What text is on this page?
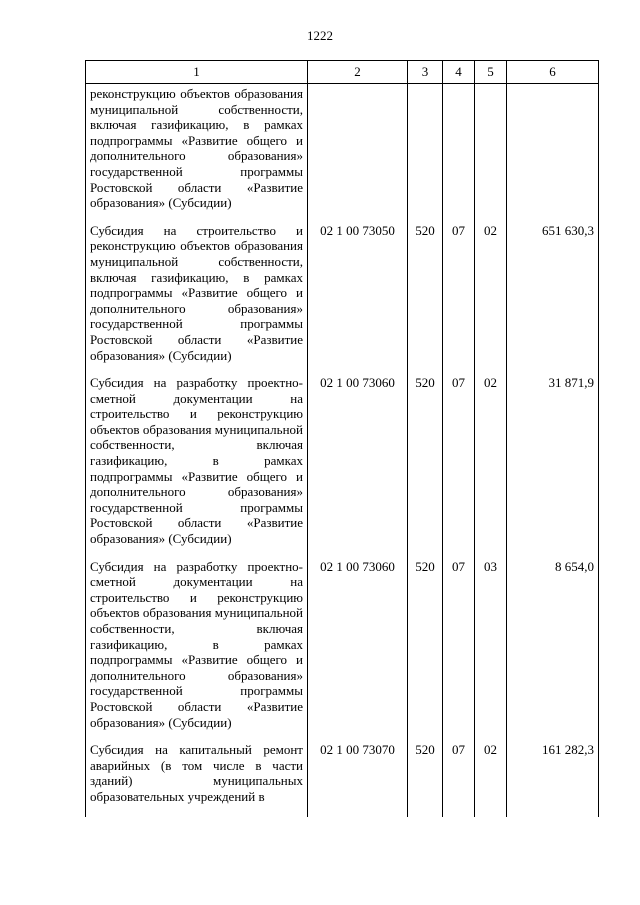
1222
1	2	3	4	5	6
реконструкцию объектов образования муниципальной собственности, включая газификацию, в рамках подпрограммы «Развитие общего и дополнительного образования» государственной программы Ростовской области «Развитие образования» (Субсидии)					
Субсидия на строительство и реконструкцию объектов образования муниципальной собственности, включая газификацию, в рамках подпрограммы «Развитие общего и дополнительного образования» государственной программы Ростовской области «Развитие образования» (Субсидии)	02 1 00 73050	520	07	02	651 630,3
Субсидия на разработку проектно-сметной документации на строительство и реконструкцию объектов образования муниципальной собственности, включая газификацию, в рамках подпрограммы «Развитие общего и дополнительного образования» государственной программы Ростовской области «Развитие образования» (Субсидии)	02 1 00 73060	520	07	02	31 871,9
Субсидия на разработку проектно-сметной документации на строительство и реконструкцию объектов образования муниципальной собственности, включая газификацию, в рамках подпрограммы «Развитие общего и дополнительного образования» государственной программы Ростовской области «Развитие образования» (Субсидии)	02 1 00 73060	520	07	03	8 654,0
Субсидия на капитальный ремонт аварийных (в том числе в части зданий) муниципальных образовательных учреждений в	02 1 00 73070	520	07	02	161 282,3
